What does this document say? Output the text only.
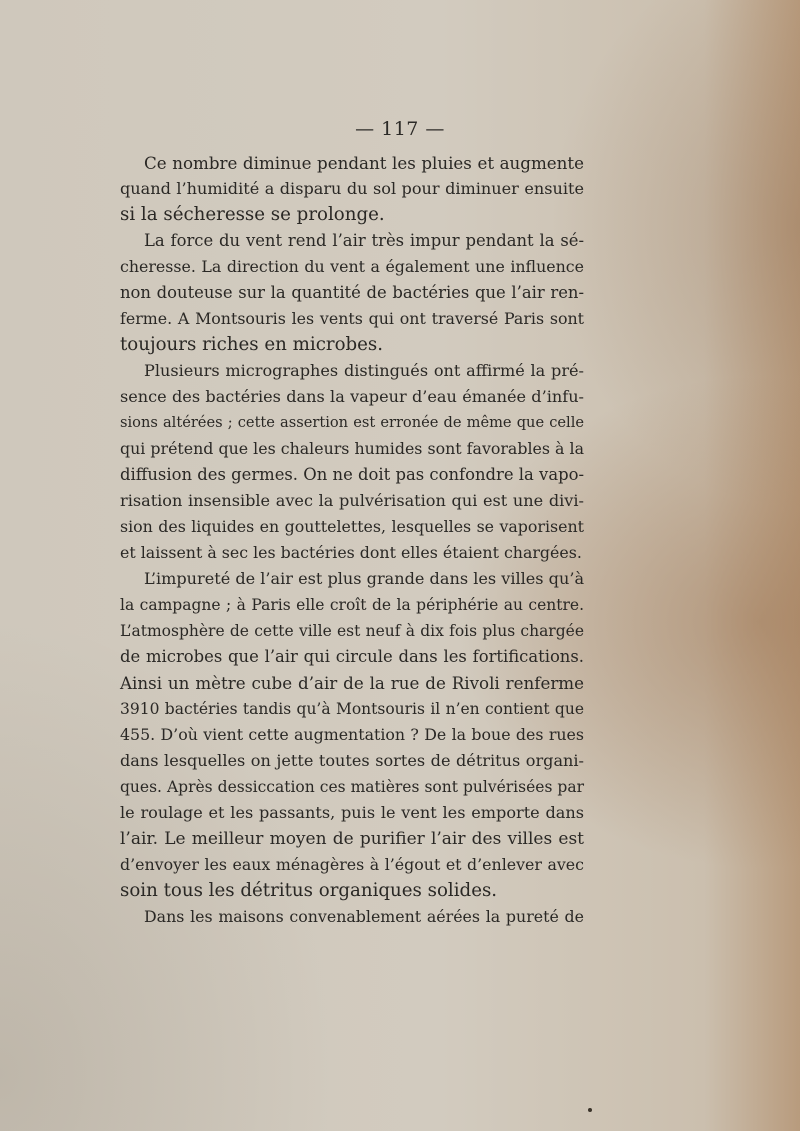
— 117 —
Ce nombre diminue pendant les pluies et augmente
quand l’humidité a disparu du sol pour diminuer ensuite
si la sécheresse se prolonge.
La force du vent rend l’air très impur pendant la sé-
cheresse. La direction du vent a également une influence
non douteuse sur la quantité de bactéries que l’air ren-
ferme. A Montsouris les vents qui ont traversé Paris sont
toujours riches en microbes.
Plusieurs micrographes distingués ont affirmé la pré-
sence des bactéries dans la vapeur d’eau émanée d’infu-
sions altérées ; cette assertion est erronée de même que celle
qui prétend que les chaleurs humides sont favorables à la
diffusion des germes. On ne doit pas confondre la vapo-
risation insensible avec la pulvérisation qui est une divi-
sion des liquides en gouttelettes, lesquelles se vaporisent
et laissent à sec les bactéries dont elles étaient chargées.
L’impureté de l’air est plus grande dans les villes qu’à
la campagne ; à Paris elle croît de la périphérie au centre.
L’atmosphère de cette ville est neuf à dix fois plus chargée
de microbes que l’air qui circule dans les fortifications.
Ainsi un mètre cube d’air de la rue de Rivoli renferme
3910 bactéries tandis qu’à Montsouris il n’en contient que
455. D’où vient cette augmentation ? De la boue des rues
dans lesquelles on jette toutes sortes de détritus organi-
ques. Après dessiccation ces matières sont pulvérisées par
le roulage et les passants, puis le vent les emporte dans
l’air. Le meilleur moyen de purifier l’air des villes est
d’envoyer les eaux ménagères à l’égout et d’enlever avec
soin tous les détritus organiques solides.
Dans les maisons convenablement aérées la pureté de
